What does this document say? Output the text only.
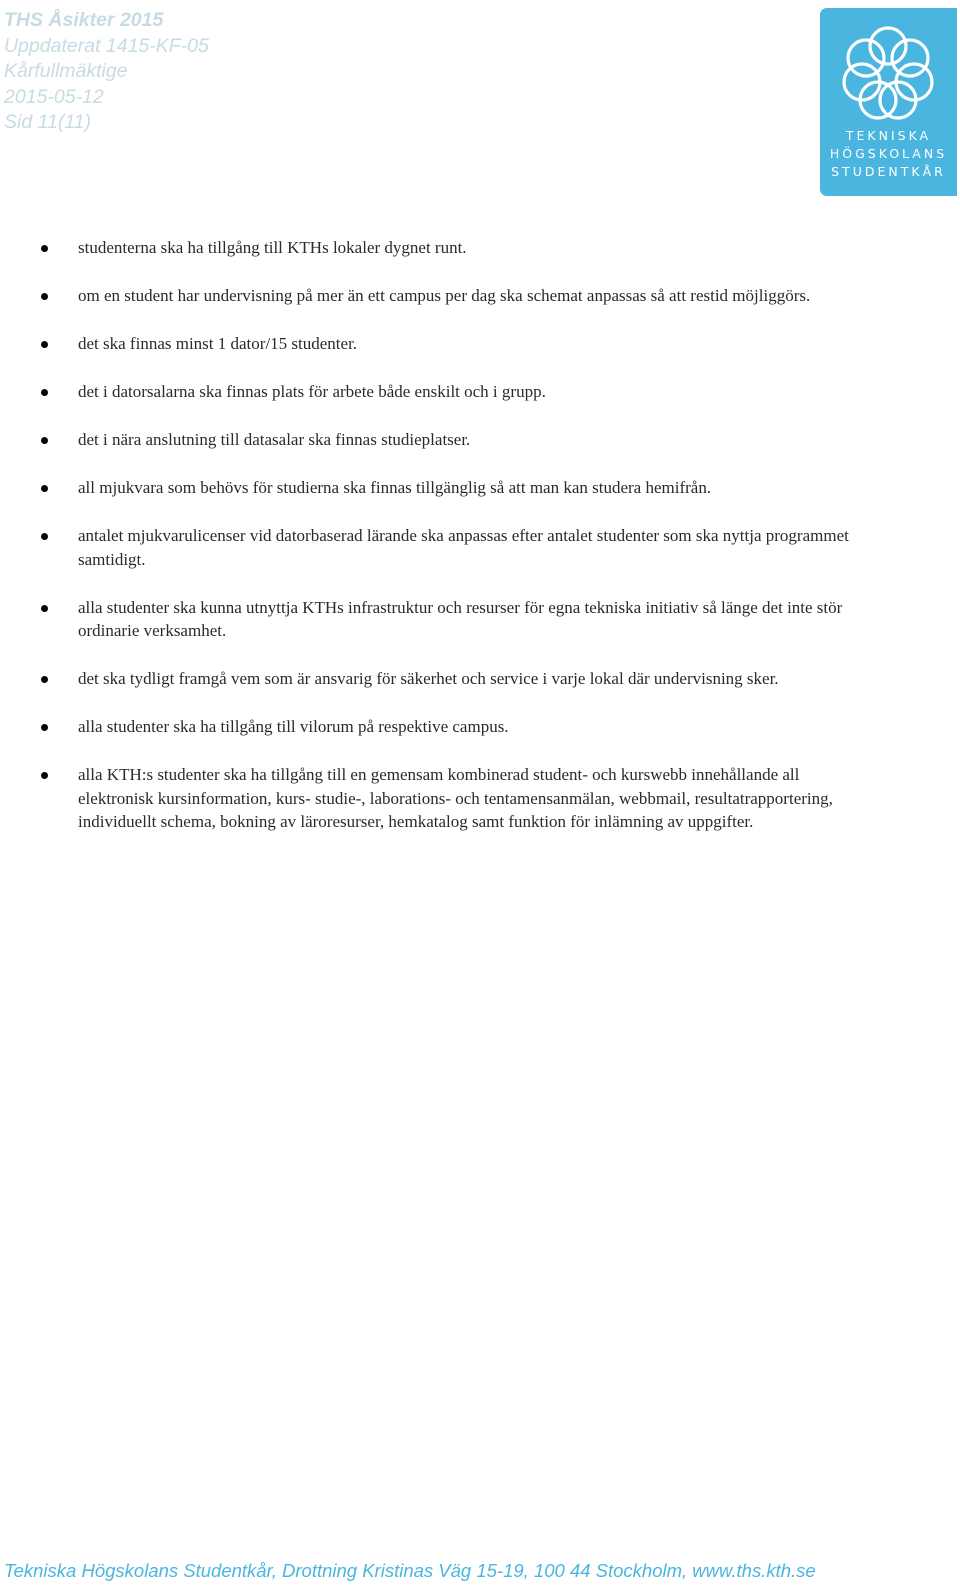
THS Åsikter 2015
Uppdaterat 1415-KF-05
Kårfullmäktige
2015-05-12
Sid 11(11)
TEKNISKA
HÖGSKOLANS
STUDENTKÅR
studenterna ska ha tillgång till KTHs lokaler dygnet runt.
om en student har undervisning på mer än ett campus per dag ska schemat anpassas så att restid möjliggörs.
det ska finnas minst 1 dator/15 studenter.
det i datorsalarna ska finnas plats för arbete både enskilt och i grupp.
det i nära anslutning till datasalar ska finnas studieplatser.
all mjukvara som behövs för studierna ska finnas tillgänglig så att man kan studera hemifrån.
antalet mjukvarulicenser vid datorbaserad lärande ska anpassas efter antalet studenter som ska nyttja programmet samtidigt.
alla studenter ska kunna utnyttja KTHs infrastruktur och resurser för egna tekniska initiativ så länge det inte stör ordinarie verksamhet.
det ska tydligt framgå vem som är ansvarig för säkerhet och service i varje lokal där undervisning sker.
alla studenter ska ha tillgång till vilorum på respektive campus.
alla KTH:s studenter ska ha tillgång till en gemensam kombinerad student- och kurswebb innehållande all elektronisk kursinformation, kurs- studie-, laborations- och tentamensanmälan, webbmail, resultatrapportering, individuellt schema, bokning av läroresurser, hemkatalog samt funktion för inlämning av uppgifter.
Tekniska Högskolans Studentkår, Drottning Kristinas Väg 15-19, 100 44 Stockholm, www.ths.kth.se
